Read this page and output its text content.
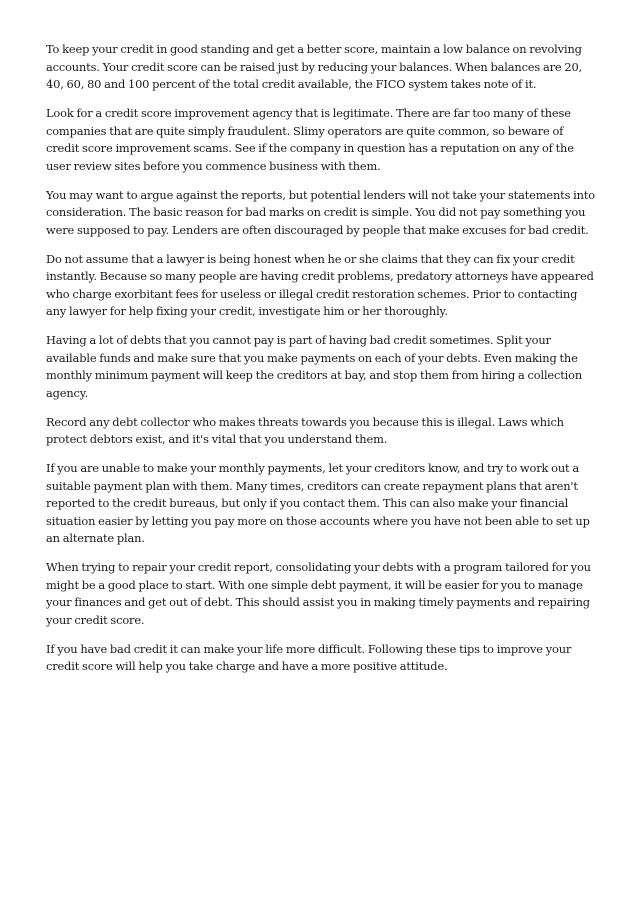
To keep your credit in good standing and get a better score, maintain a low balance on revolving accounts. Your credit score can be raised just by reducing your balances. When balances are 20, 40, 60, 80 and 100 percent of the total credit available, the FICO system takes note of it.

Look for a credit score improvement agency that is legitimate. There are far too many of these companies that are quite simply fraudulent. Slimy operators are quite common, so beware of credit score improvement scams. See if the company in question has a reputation on any of the user review sites before you commence business with them.

You may want to argue against the reports, but potential lenders will not take your statements into consideration. The basic reason for bad marks on credit is simple. You did not pay something you were supposed to pay. Lenders are often discouraged by people that make excuses for bad credit.

Do not assume that a lawyer is being honest when he or she claims that they can fix your credit instantly. Because so many people are having credit problems, predatory attorneys have appeared who charge exorbitant fees for useless or illegal credit restoration schemes. Prior to contacting any lawyer for help fixing your credit, investigate him or her thoroughly.

Having a lot of debts that you cannot pay is part of having bad credit sometimes. Split your available funds and make sure that you make payments on each of your debts. Even making the monthly minimum payment will keep the creditors at bay, and stop them from hiring a collection agency.

Record any debt collector who makes threats towards you because this is illegal. Laws which protect debtors exist, and it's vital that you understand them.

If you are unable to make your monthly payments, let your creditors know, and try to work out a suitable payment plan with them. Many times, creditors can create repayment plans that aren't reported to the credit bureaus, but only if you contact them. This can also make your financial situation easier by letting you pay more on those accounts where you have not been able to set up an alternate plan.

When trying to repair your credit report, consolidating your debts with a program tailored for you might be a good place to start. With one simple debt payment, it will be easier for you to manage your finances and get out of debt. This should assist you in making timely payments and repairing your credit score.

If you have bad credit it can make your life more difficult. Following these tips to improve your credit score will help you take charge and have a more positive attitude.
